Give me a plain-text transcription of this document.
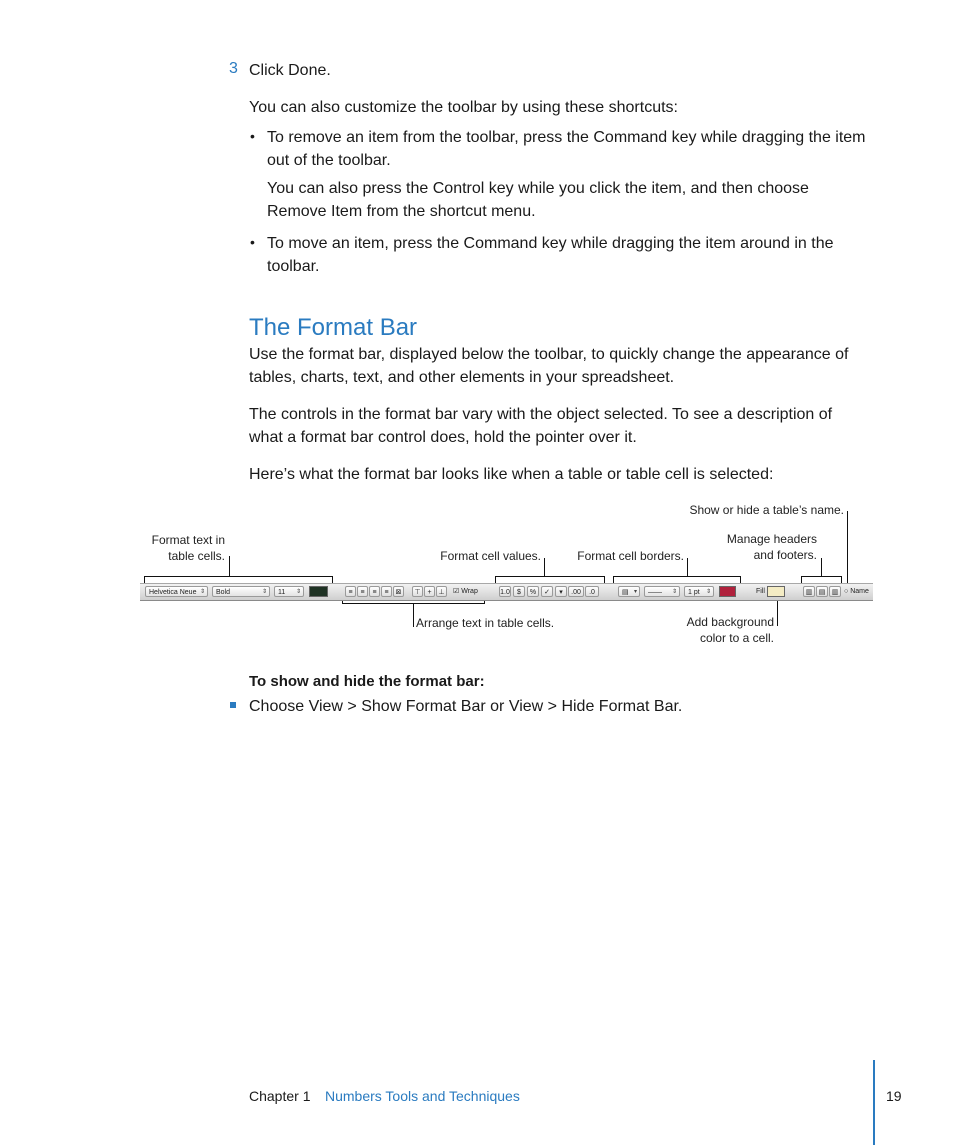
3 Click Done.
You can also customize the toolbar by using these shortcuts:
• To remove an item from the toolbar, press the Command key while dragging the item out of the toolbar.
You can also press the Control key while you click the item, and then choose Remove Item from the shortcut menu.
• To move an item, press the Command key while dragging the item around in the toolbar.
The Format Bar
Use the format bar, displayed below the toolbar, to quickly change the appearance of tables, charts, text, and other elements in your spreadsheet.
The controls in the format bar vary with the object selected. To see a description of what a format bar control does, hold the pointer over it.
Here’s what the format bar looks like when a table or table cell is selected:
Format text in
table cells.	Format cell values.	Format cell borders.
Manage headers
and footers.
Show or hide a table’s name.
Arrange text in table cells.	Add background
color to a cell.
Helvetica Neue ⇕	Bold	⇕	11 ⇕	≡	≡	≡	≡	⊠	⊤ + ⊥	☑ Wrap	1.0	$	%	✓	▾	.00	.0	▤ ▾	—— ⇕	1 pt ⇕	Fill	▥ ▤ ▥ ○ Name
To show and hide the format bar:
Choose View > Show Format Bar or View > Hide Format Bar.
Chapter 1 Numbers Tools and Techniques	19
